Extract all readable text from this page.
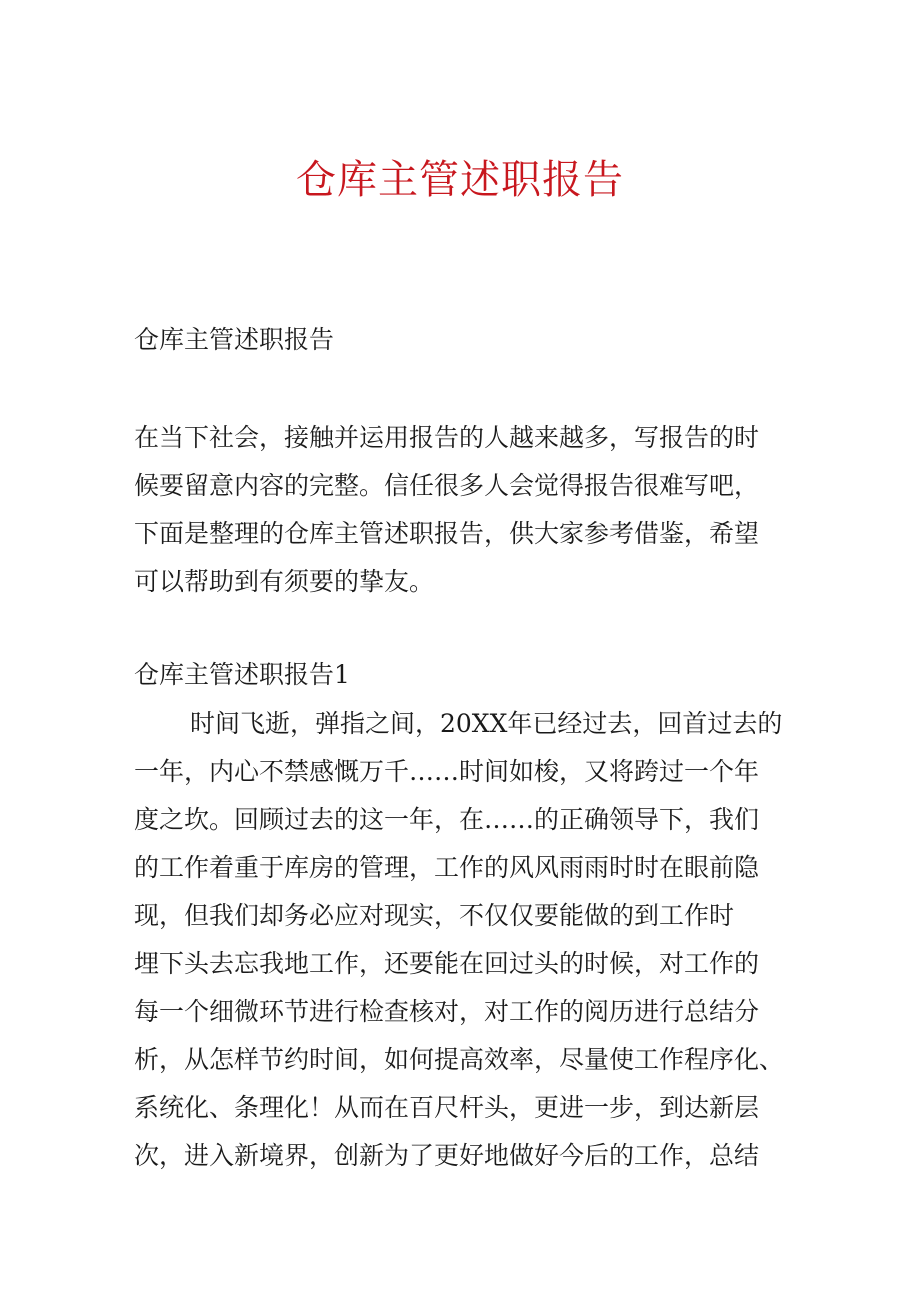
仓库主管述职报告

仓库主管述职报告

在当下社会，接触并运用报告的人越来越多，写报告的时
候要留意内容的完整。信任很多人会觉得报告很难写吧，
下面是整理的仓库主管述职报告，供大家参考借鉴，希望
可以帮助到有须要的挚友。
仓库主管述职报告1
时间飞逝，弹指之间，20XX年已经过去，回首过去的
一年，内心不禁感慨万千……时间如梭，又将跨过一个年
度之坎。回顾过去的这一年，在……的正确领导下，我们
的工作着重于库房的管理，工作的风风雨雨时时在眼前隐
现，但我们却务必应对现实，不仅仅要能做的到工作时
埋下头去忘我地工作，还要能在回过头的时候，对工作的
每一个细微环节进行检查核对，对工作的阅历进行总结分
析，从怎样节约时间，如何提高效率，尽量使工作程序化、
系统化、条理化！从而在百尺杆头，更进一步，到达新层
次，进入新境界，创新为了更好地做好今后的工作，总结
